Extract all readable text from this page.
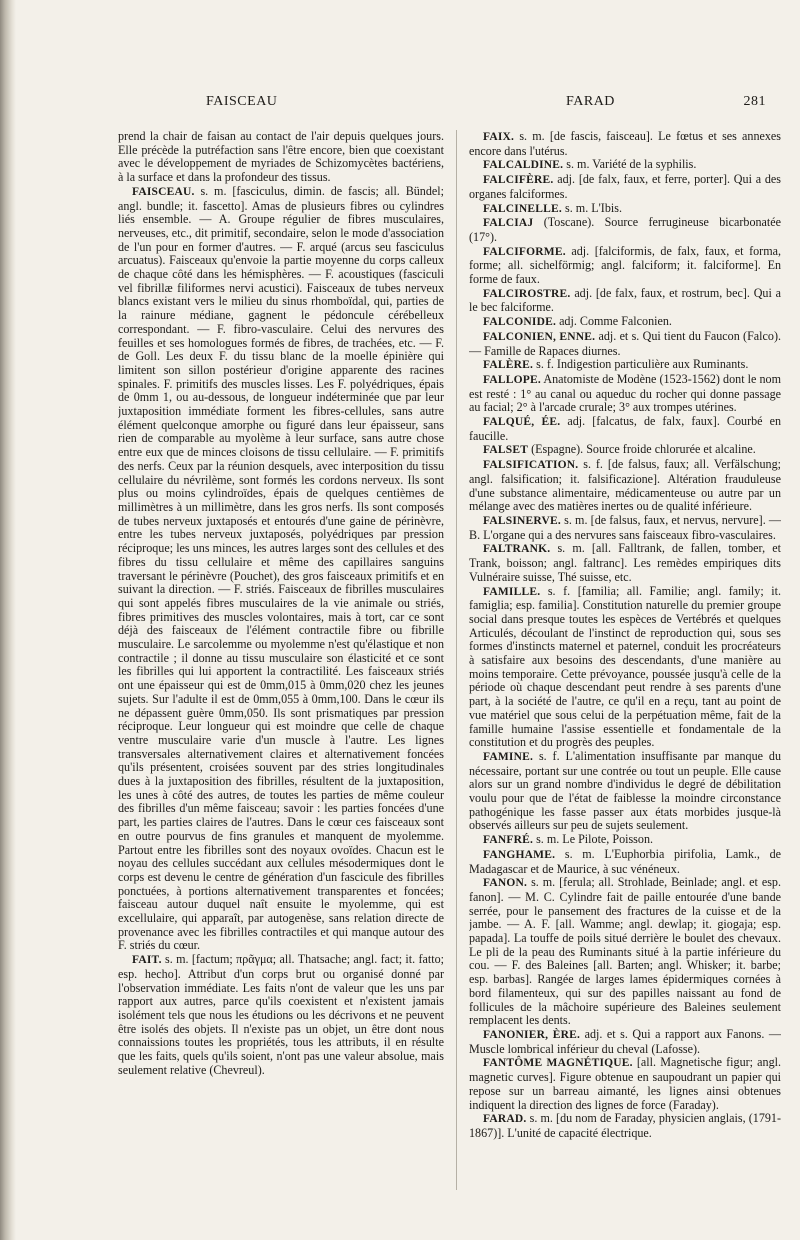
FAISCEAU	FARAD	281

prend la chair de faisan au contact de l'air depuis quelques jours. Elle précède la putréfaction sans l'être encore, bien que coexistant avec le développement de myriades de Schizomycètes bactériens, à la surface et dans la profondeur des tissus.

FAISCEAU. s. m. [fasciculus, dimin. de fascis; all. Bündel; angl. bundle; it. fascetto]. Amas de plusieurs fibres ou cylindres liés ensemble. — A. Groupe régulier de fibres musculaires, nerveuses, etc., dit primitif, secondaire, selon le mode d'association de l'un pour en former d'autres. — F. arqué (arcus seu fasciculus arcuatus). Faisceaux qu'envoie la partie moyenne du corps calleux de chaque côté dans les hémisphères. — F. acoustiques (fasciculi vel fibrillæ filiformes nervi acustici). Faisceaux de tubes nerveux blancs existant vers le milieu du sinus rhomboïdal, qui, parties de la rainure médiane, gagnent le pédoncule cérébelleux correspondant. — F. fibro-vasculaire. Celui des nervures des feuilles et ses homologues formés de fibres, de trachées, etc. — F. de Goll. Les deux F. du tissu blanc de la moelle épinière qui limitent son sillon postérieur d'origine apparente des racines spinales. F. primitifs des muscles lisses. Les F. polyédriques, épais de 0mm 1, ou au-dessous, de longueur indéterminée que par leur juxtaposition immédiate forment les fibres-cellules, sans autre élément quelconque amorphe ou figuré dans leur épaisseur, sans rien de comparable au myolème à leur surface, sans autre chose entre eux que de minces cloisons de tissu cellulaire. — F. primitifs des nerfs. Ceux par la réunion desquels, avec interposition du tissu cellulaire du névrilème, sont formés les cordons nerveux. Ils sont plus ou moins cylindroïdes, épais de quelques centièmes de millimètres à un millimètre, dans les gros nerfs. Ils sont composés de tubes nerveux juxtaposés et entourés d'une gaine de périnèvre, entre les tubes nerveux juxtaposés, polyédriques par pression réciproque; les uns minces, les autres larges sont des cellules et des fibres du tissu cellulaire et même des capillaires sanguins traversant le périnèvre (Pouchet), des gros faisceaux primitifs et en suivant la direction. — F. striés. Faisceaux de fibrilles musculaires qui sont appelés fibres musculaires de la vie animale ou striés, fibres primitives des muscles volontaires, mais à tort, car ce sont déjà des faisceaux de l'élément contractile fibre ou fibrille musculaire. Le sarcolemme ou myolemme n'est qu'élastique et non contractile ; il donne au tissu musculaire son élasticité et ce sont les fibrilles qui lui apportent la contractilité. Les faisceaux striés ont une épaisseur qui est de 0mm,015 à 0mm,020 chez les jeunes sujets. Sur l'adulte il est de 0mm,055 à 0mm,100. Dans le cœur ils ne dépassent guère 0mm,050. Ils sont prismatiques par pression réciproque. Leur longueur qui est moindre que celle de chaque ventre musculaire varie d'un muscle à l'autre. Les lignes transversales alternativement claires et alternativement foncées qu'ils présentent, croisées souvent par des stries longitudinales dues à la juxtaposition des fibrilles, résultent de la juxtaposition, les unes à côté des autres, de toutes les parties de même couleur des fibrilles d'un même faisceau; savoir : les parties foncées d'une part, les parties claires de l'autres. Dans le cœur ces faisceaux sont en outre pourvus de fins granules et manquent de myolemme. Partout entre les fibrilles sont des noyaux ovoïdes. Chacun est le noyau des cellules succédant aux cellules mésodermiques dont le corps est devenu le centre de génération d'un fascicule des fibrilles ponctuées, à portions alternativement transparentes et foncées; faisceau autour duquel naît ensuite le myolemme, qui est excellulaire, qui apparaît, par autogenèse, sans relation directe de provenance avec les fibrilles contractiles et qui manque autour des F. striés du cœur.

FAIT. s. m. [factum; πρᾶγμα; all. Thatsache; angl. fact; it. fatto; esp. hecho]. Attribut d'un corps brut ou organisé donné par l'observation immédiate. Les faits n'ont de valeur que les uns par rapport aux autres, parce qu'ils coexistent et n'existent jamais isolément tels que nous les étudions ou les décrivons et ne peuvent être isolés des objets. Il n'existe pas un objet, un être dont nous connaissions toutes les propriétés, tous les attributs, il en résulte que les faits, quels qu'ils soient, n'ont pas une valeur absolue, mais seulement relative (Chevreul).

FAIX. s. m. [de fascis, faisceau]. Le fœtus et ses annexes encore dans l'utérus.

FALCALDINE. s. m. Variété de la syphilis.

FALCIFÈRE. adj. [de falx, faux, et ferre, porter]. Qui a des organes falciformes.

FALCINELLE. s. m. L'Ibis.

FALCIAJ (Toscane). Source ferrugineuse bicarbonatée (17°).

FALCIFORME. adj. [falciformis, de falx, faux, et forma, forme; all. sichelförmig; angl. falciform; it. falciforme]. En forme de faux.

FALCIROSTRE. adj. [de falx, faux, et rostrum, bec]. Qui a le bec falciforme.

FALCONIDE. adj. Comme Falconien.

FALCONIEN, ENNE. adj. et s. Qui tient du Faucon (Falco). — Famille de Rapaces diurnes.

FALÈRE. s. f. Indigestion particulière aux Ruminants.

FALLOPE. Anatomiste de Modène (1523-1562) dont le nom est resté : 1° au canal ou aqueduc du rocher qui donne passage au facial; 2° à l'arcade crurale; 3° aux trompes utérines.

FALQUÉ, ÉE. adj. [falcatus, de falx, faux]. Courbé en faucille.

FALSET (Espagne). Source froide chlorurée et alcaline.

FALSIFICATION. s. f. [de falsus, faux; all. Verfälschung; angl. falsification; it. falsificazione]. Altération frauduleuse d'une substance alimentaire, médicamenteuse ou autre par un mélange avec des matières inertes ou de qualité inférieure.

FALSINERVE. s. m. [de falsus, faux, et nervus, nervure]. — B. L'organe qui a des nervures sans faisceaux fibro-vasculaires.

FALTRANK. s. m. [all. Falltrank, de fallen, tomber, et Trank, boisson; angl. faltranc]. Les remèdes empiriques dits Vulnéraire suisse, Thé suisse, etc.

FAMILLE. s. f. [familia; all. Familie; angl. family; it. famiglia; esp. familia]. Constitution naturelle du premier groupe social dans presque toutes les espèces de Vertébrés et quelques Articulés, découlant de l'instinct de reproduction qui, sous ses formes d'instincts maternel et paternel, conduit les procréateurs à satisfaire aux besoins des descendants, d'une manière au moins temporaire. Cette prévoyance, poussée jusqu'à celle de la période où chaque descendant peut rendre à ses parents d'une part, à la société de l'autre, ce qu'il en a reçu, tant au point de vue matériel que sous celui de la perpétuation même, fait de la famille humaine l'assise essentielle et fondamentale de la constitution et du progrès des peuples.

FAMINE. s. f. L'alimentation insuffisante par manque du nécessaire, portant sur une contrée ou tout un peuple. Elle cause alors sur un grand nombre d'individus le degré de débilitation voulu pour que de l'état de faiblesse la moindre circonstance pathogénique les fasse passer aux états morbides jusque-là observés ailleurs sur peu de sujets seulement.

FANFRÉ. s. m. Le Pilote, Poisson.

FANGHAME. s. m. L'Euphorbia pirifolia, Lamk., de Madagascar et de Maurice, à suc vénéneux.

FANON. s. m. [ferula; all. Strohlade, Beinlade; angl. et esp. fanon]. — M. C. Cylindre fait de paille entourée d'une bande serrée, pour le pansement des fractures de la cuisse et de la jambe. — A. F. [all. Wamme; angl. dewlap; it. giogaja; esp. papada]. La touffe de poils situé derrière le boulet des chevaux. Le pli de la peau des Ruminants situé à la partie inférieure du cou. — F. des Baleines [all. Barten; angl. Whisker; it. barbe; esp. barbas]. Rangée de larges lames épidermiques cornées à bord filamenteux, qui sur des papilles naissant au fond de follicules de la mâchoire supérieure des Baleines seulement remplacent les dents.

FANONIER, ÈRE. adj. et s. Qui a rapport aux Fanons. — Muscle lombrical inférieur du cheval (Lafosse).

FANTÔME MAGNÉTIQUE. [all. Magnetische figur; angl. magnetic curves]. Figure obtenue en saupoudrant un papier qui repose sur un barreau aimanté, les lignes ainsi obtenues indiquent la direction des lignes de force (Faraday).

FARAD. s. m. [du nom de Faraday, physicien anglais, (1791-1867)]. L'unité de capacité électrique.
